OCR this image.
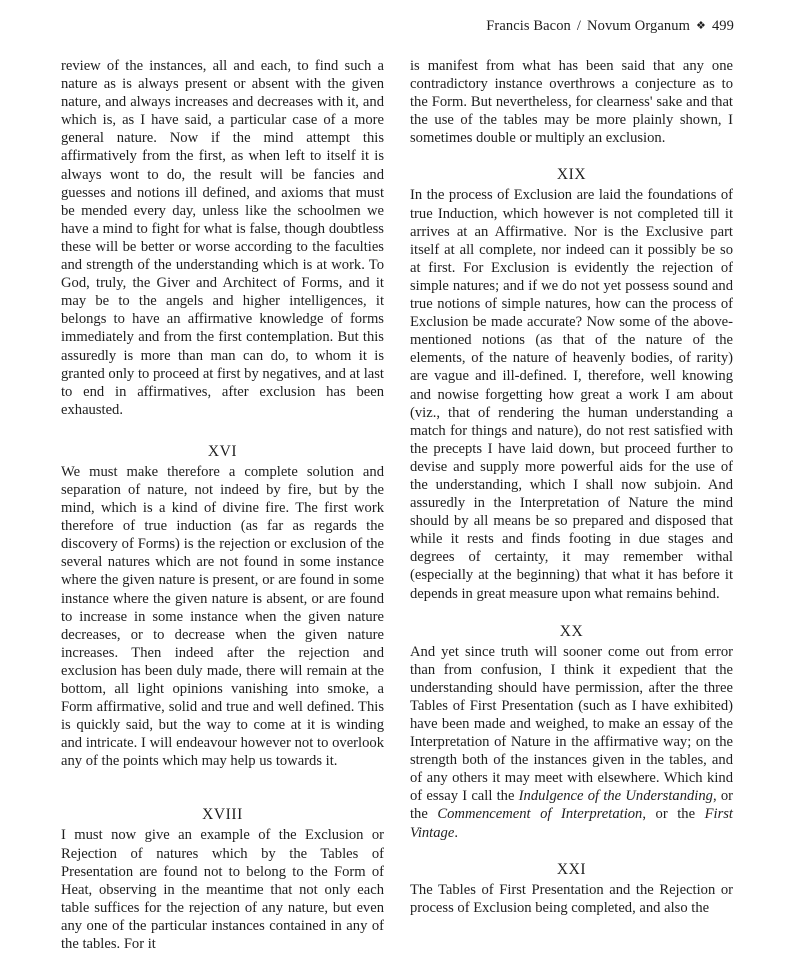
Francis Bacon / Novum Organum ❖ 499

review of the instances, all and each, to find such a nature as is always present or absent with the given nature, and always increases and decreases with it, and which is, as I have said, a particular case of a more general nature. Now if the mind attempt this affirmatively from the first, as when left to itself it is always wont to do, the result will be fancies and guesses and notions ill defined, and axioms that must be mended every day, unless like the schoolmen we have a mind to fight for what is false, though doubtless these will be better or worse according to the faculties and strength of the understanding which is at work. To God, truly, the Giver and Architect of Forms, and it may be to the angels and higher intelligences, it belongs to have an affirmative knowledge of forms immediately and from the first contemplation. But this assuredly is more than man can do, to whom it is granted only to proceed at first by negatives, and at last to end in affirmatives, after exclusion has been exhausted.

XVI

We must make therefore a complete solution and separation of nature, not indeed by fire, but by the mind, which is a kind of divine fire. The first work therefore of true induction (as far as regards the discovery of Forms) is the rejection or exclusion of the several natures which are not found in some instance where the given nature is present, or are found in some instance where the given nature is absent, or are found to increase in some instance when the given nature decreases, or to decrease when the given nature increases. Then indeed after the rejection and exclusion has been duly made, there will remain at the bottom, all light opinions vanishing into smoke, a Form affirmative, solid and true and well defined. This is quickly said, but the way to come at it is winding and intricate. I will endeavour however not to overlook any of the points which may help us towards it.

XVIII

I must now give an example of the Exclusion or Rejection of natures which by the Tables of Presentation are found not to belong to the Form of Heat, observing in the meantime that not only each table suffices for the rejection of any nature, but even any one of the particular instances contained in any of the tables. For it

is manifest from what has been said that any one contradictory instance overthrows a conjecture as to the Form. But nevertheless, for clearness' sake and that the use of the tables may be more plainly shown, I sometimes double or multiply an exclusion.

XIX

In the process of Exclusion are laid the foundations of true Induction, which however is not completed till it arrives at an Affirmative. Nor is the Exclusive part itself at all complete, nor indeed can it possibly be so at first. For Exclusion is evidently the rejection of simple natures; and if we do not yet possess sound and true notions of simple natures, how can the process of Exclusion be made accurate? Now some of the above-mentioned notions (as that of the nature of the elements, of the nature of heavenly bodies, of rarity) are vague and ill-defined. I, therefore, well knowing and nowise forgetting how great a work I am about (viz., that of rendering the human understanding a match for things and nature), do not rest satisfied with the precepts I have laid down, but proceed further to devise and supply more powerful aids for the use of the understanding, which I shall now subjoin. And assuredly in the Interpretation of Nature the mind should by all means be so prepared and disposed that while it rests and finds footing in due stages and degrees of certainty, it may remember withal (especially at the beginning) that what it has before it depends in great measure upon what remains behind.

XX

And yet since truth will sooner come out from error than from confusion, I think it expedient that the understanding should have permission, after the three Tables of First Presentation (such as I have exhibited) have been made and weighed, to make an essay of the Interpretation of Nature in the affirmative way; on the strength both of the instances given in the tables, and of any others it may meet with elsewhere. Which kind of essay I call the Indulgence of the Understanding, or the Commencement of Interpretation, or the First Vintage.

XXI

The Tables of First Presentation and the Rejection or process of Exclusion being completed, and also the
